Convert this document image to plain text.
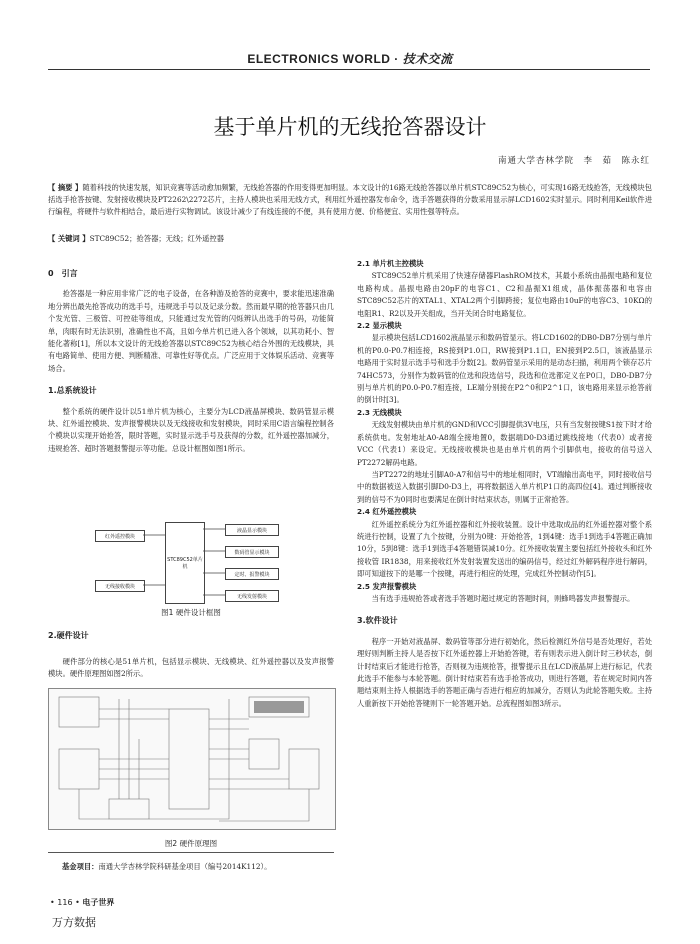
ELECTRONICS WORLD · 技术交流
基于单片机的无线抢答器设计
南通大学杏林学院　李　茹　陈永红
【 摘要 】随着科技的快速发展，知识竞赛等活动愈加频繁，无线抢答器的作用变得更加明显。本文设计的16路无线抢答器以单片机STC89C52为核心，可实现16路无线抢答，无线模块包括选手抢答按键、发射接收模块及PT2262\2272芯片，主持人模块也采用无线方式，利用红外遥控器发布命令，选手答题获得的分数采用显示屏LCD1602实时显示。同时利用Keil软件进行编程，将硬件与软件相结合，最后进行实物调试。该设计减少了有线连接的不便，具有使用方便、价格便宜、实用性强等特点。
【 关键词 】STC89C52；抢答器；无线；红外遥控器
0　引言

抢答器是一种应用非常广泛的电子设备，在各种游及抢答的竞赛中，要求能迅速准确地分辨出最先抢答成功的选手号，违规选手号以及记录分数。然而最早期的抢答器只由几个发光管、三极管、可控硅等组成，只能通过发光管的闪烁辨认出选手的号码，功能简单，肉眼有时无法识别，准确性也不高，且如今单片机已进入各个领域，以其功耗小、智能化著称[1]，所以本文设计的无线抢答器以STC89C52为核心结合外围的无线模块，具有电路简单、使用方便、判断精准、可靠性好等优点。广泛应用于文体娱乐活动、竞赛等场合。

1.总系统设计

整个系统的硬件设计以51单片机为核心，主要分为LCD液晶屏模块、数码管显示模块、红外遥控模块、发声报警模块以及无线接收和发射模块，同时采用C语言编程控制各个模块以实现开始抢答，限时答题，实时显示选手号及获得的分数，红外遥控器加减分，违规抢答、超时答题报警提示等功能。总设计框图如图1所示。

红外遥控模块
无线接收模块
STC89C52单片机
液晶显示模块
数码管显示模块
定时、报警模块
无线发射模块
图1 硬件设计框图
2.硬件设计

硬件部分的核心是51单片机，包括显示模块、无线模块、红外遥控器以及发声报警模块。硬件原理图如图2所示。

图2 硬件原理图
基金项目：南通大学杏林学院科研基金项目（编号2014K112）。
2.1 单片机主控模块

STC89C52单片机采用了快速存储器FlashROM技术，其最小系统由晶振电路和复位电路构成。晶振电路由20pF的电容C1、C2和晶振X1组成，晶体振荡器和电容由STC89C52芯片的XTAL1、XTAL2两个引脚跨接；复位电路由10uF的电容C3、10KΩ的电阻R1、R2以及开关组成，当开关闭合时电路复位。

2.2 显示模块

显示模块包括LCD1602液晶显示和数码管显示。将LCD1602的DB0-DB7分别与单片机的P0.0-P0.7相连接，RS接到P1.0口，RW接到P1.1口，EN接到P2.5口，该液晶显示电路用于实时显示选手号和选手分数[2]。数码管显示采用的是动态扫描，利用两个锁存芯片74HC573，分别作为数码管的位选和段选信号，段选和位选都定义在P0口，DB0-DB7分别与单片机的P0.0-P0.7相连接，LE端分别接在P2^0和P2^1口，该电路用来显示抢答前的倒计时[3]。

2.3 无线模块

无线发射模块由单片机的GND和VCC引脚提供3V电压，只有当发射按键S1按下时才给系统供电。发射地址A0-A8端全接地置0，数据端D0-D3通过跳线接地（代表0）或者接VCC（代表1）来设定。无线接收模块也是由单片机的两个引脚供电，接收的信号送入PT2272解码电路。

当PT2272的地址引脚A0-A7和信号中的地址相同时，VT端输出高电平，同时接收信号中的数据被送入数据引脚D0-D3上，再将数据送入单片机P1口的高四位[4]。通过判断接收到的信号不为0同时也要满足在倒计时结束状态，则属于正常抢答。

2.4 红外遥控模块

红外遥控系统分为红外遥控器和红外接收装置。设计中选取成品的红外遥控器对整个系统进行控制，设置了九个按键，分别为0键：开始抢答，1到4键：选手1到选手4答题正确加10分，5到8键：选手1到选手4答题错误减10分。红外接收装置主要包括红外接收头和红外接收管 IR1838，用来接收红外发射装置发送出的编码信号，经过红外解码程序进行解码，即可知道按下的是哪一个按键，再进行相应的处理，完成红外控制动作[5]。

2.5 发声报警模块

当有选手违规抢答或者选手答题时超过规定的答题时间，则蜂鸣器发声报警提示。

3.软件设计

程序一开始对液晶屏、数码管等部分进行初始化，然后检测红外信号是否处理好，若处理好则判断主持人是否按下红外遥控器上开始抢答键，若有则表示进入倒计时三秒状态，倒计时结束后才能进行抢答，否则视为违规抢答，报警提示且在LCD液晶屏上进行标记，代表此选手不能参与本轮答题。倒计时结束若有选手抢答成功，则进行答题，若在规定时间内答题结束则主持人根据选手的答题正确与否进行相应的加减分，否则认为此轮答题失败。主持人重新按下开始抢答键则下一轮答题开始。总流程图如图3所示。

• 116 • 电子世界
万方数据
